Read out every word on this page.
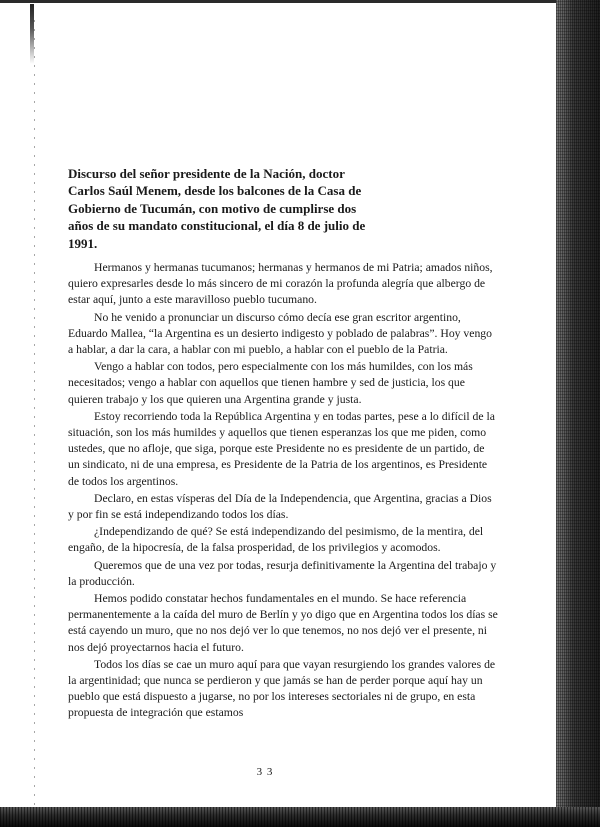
Discurso del señor presidente de la Nación, doctor Carlos Saúl Menem, desde los balcones de la Casa de Gobierno de Tucumán, con motivo de cumplirse dos años de su mandato constitucional, el día 8 de julio de 1991.

Hermanos y hermanas tucumanos; hermanas y hermanos de mi Patria; amados niños, quiero expresarles desde lo más sincero de mi corazón la profunda alegría que albergo de estar aquí, junto a este maravilloso pueblo tucumano.

No he venido a pronunciar un discurso cómo decía ese gran escritor argentino, Eduardo Mallea, “la Argentina es un desierto indigesto y poblado de palabras”. Hoy vengo a hablar, a dar la cara, a hablar con mi pueblo, a hablar con el pueblo de la Patria.

Vengo a hablar con todos, pero especialmente con los más humildes, con los más necesitados; vengo a hablar con aquellos que tienen hambre y sed de justicia, los que quieren trabajo y los que quieren una Argentina grande y justa.

Estoy recorriendo toda la República Argentina y en todas partes, pese a lo difícil de la situación, son los más humildes y aquellos que tienen esperanzas los que me piden, como ustedes, que no afloje, que siga, porque este Presidente no es presidente de un partido, de un sindicato, ni de una empresa, es Presidente de la Patria de los argentinos, es Presidente de todos los argentinos.

Declaro, en estas vísperas del Día de la Independencia, que Argentina, gracias a Dios y por fin se está independizando todos los días.

¿Independizando de qué? Se está independizando del pesimismo, de la mentira, del engaño, de la hipocresía, de la falsa prosperidad, de los privilegios y acomodos.

Queremos que de una vez por todas, resurja definitivamente la Argentina del trabajo y la producción.

Hemos podido constatar hechos fundamentales en el mundo. Se hace referencia permanentemente a la caída del muro de Berlín y yo digo que en Argentina todos los días se está cayendo un muro, que no nos dejó ver lo que tenemos, no nos dejó ver el presente, ni nos dejó proyectarnos hacia el futuro.

Todos los días se cae un muro aquí para que vayan resurgiendo los grandes valores de la argentinidad; que nunca se perdieron y que jamás se han de perder porque aquí hay un pueblo que está dispuesto a jugarse, no por los intereses sectoriales ni de grupo, en esta propuesta de integración que estamos

3 3
